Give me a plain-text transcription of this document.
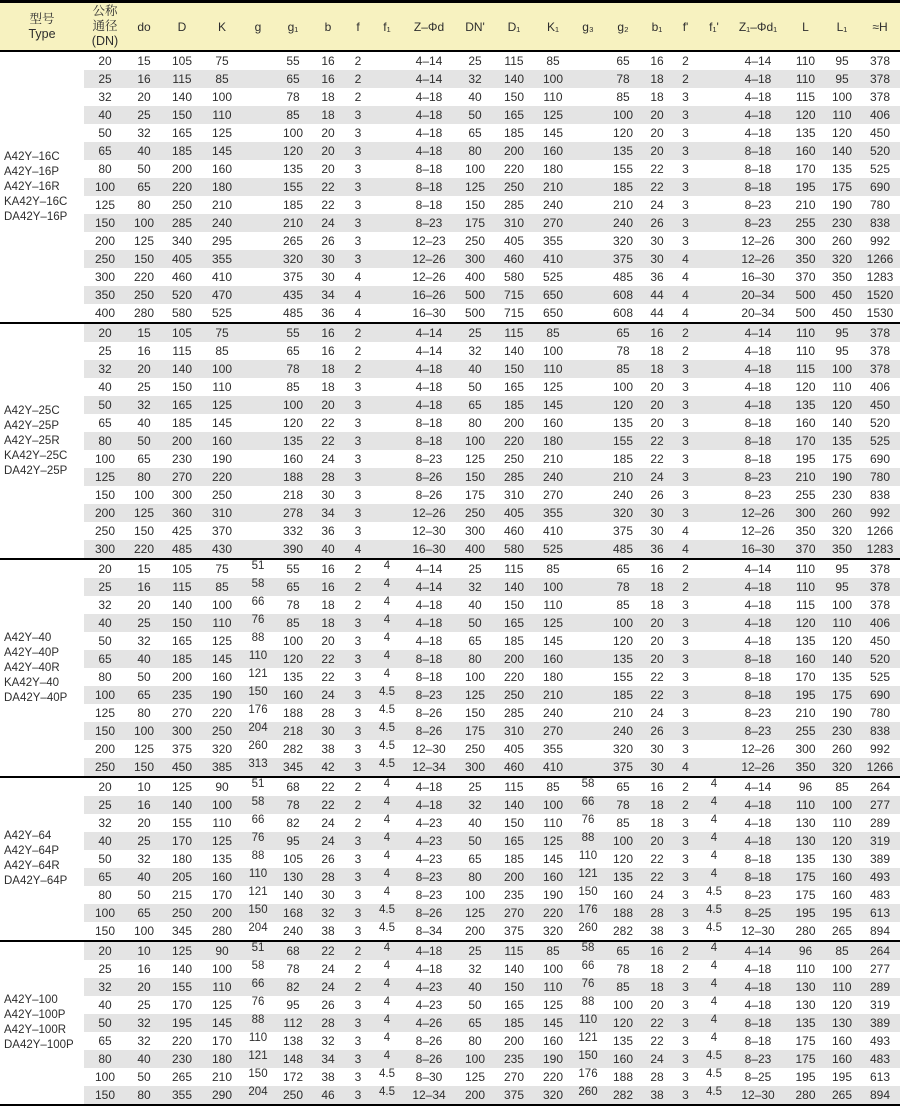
型号
Type

公称
通径
(DN)
	do	D	K	g	g₁	b	f	f₁	Z–Φd	DN'	D₁	K₁	g₃	g₂	b₁	f'	f₁'	Z₁–Φd₁	L	L₁	≈H

A42Y–16C
A42Y–16P
A42Y–16R
KA42Y–16C
DA42Y–16P	20	15	105	75		55	16	2		4–14	25	115	85		65	16	2		4–14	110	95	378
	25	16	115	85		65	16	2		4–14	32	140	100		78	18	2		4–18	110	95	378
	32	20	140	100		78	18	2		4–18	40	150	110		85	18	3		4–18	115	100	378
	40	25	150	110		85	18	3		4–18	50	165	125		100	20	3		4–18	120	110	406
	50	32	165	125		100	20	3		4–18	65	185	145		120	20	3		4–18	135	120	450
	65	40	185	145		120	20	3		4–18	80	200	160		135	20	3		8–18	160	140	520
	80	50	200	160		135	20	3		8–18	100	220	180		155	22	3		8–18	170	135	525
	100	65	220	180		155	22	3		8–18	125	250	210		185	22	3		8–18	195	175	690
	125	80	250	210		185	22	3		8–18	150	285	240		210	24	3		8–23	210	190	780
	150	100	285	240		210	24	3		8–23	175	310	270		240	26	3		8–23	255	230	838
	200	125	340	295		265	26	3		12–23	250	405	355		320	30	3		12–26	300	260	992
	250	150	405	355		320	30	3		12–26	300	460	410		375	30	4		12–26	350	320	1266
	300	220	460	410		375	30	4		12–26	400	580	525		485	36	4		16–30	370	350	1283
	350	250	520	470		435	34	4		16–26	500	715	650		608	44	4		20–34	500	450	1520
	400	280	580	525		485	36	4		16–30	500	715	650		608	44	4		20–34	500	450	1530

A42Y–25C
A42Y–25P
A42Y–25R
KA42Y–25C
DA42Y–25P	20	15	105	75		55	16	2		4–14	25	115	85		65	16	2		4–14	110	95	378
	25	16	115	85		65	16	2		4–14	32	140	100		78	18	2		4–18	110	95	378
	32	20	140	100		78	18	2		4–18	40	150	110		85	18	3		4–18	115	100	378
	40	25	150	110		85	18	3		4–18	50	165	125		100	20	3		4–18	120	110	406
	50	32	165	125		100	20	3		4–18	65	185	145		120	20	3		4–18	135	120	450
	65	40	185	145		120	22	3		8–18	80	200	160		135	20	3		8–18	160	140	520
	80	50	200	160		135	22	3		8–18	100	220	180		155	22	3		8–18	170	135	525
	100	65	230	190		160	24	3		8–23	125	250	210		185	22	3		8–18	195	175	690
	125	80	270	220		188	28	3		8–26	150	285	240		210	24	3		8–23	210	190	780
	150	100	300	250		218	30	3		8–26	175	310	270		240	26	3		8–23	255	230	838
	200	125	360	310		278	34	3		12–26	250	405	355		320	30	3		12–26	300	260	992
	250	150	425	370		332	36	3		12–30	300	460	410		375	30	4		12–26	350	320	1266
	300	220	485	430		390	40	4		16–30	400	580	525		485	36	4		16–30	370	350	1283

A42Y–40
A42Y–40P
A42Y–40R
KA42Y–40
DA42Y–40P	20	15	105	75	51	55	16	2	4	4–14	25	115	85		65	16	2		4–14	110	95	378
	25	16	115	85	58	65	16	2	4	4–14	32	140	100		78	18	2		4–18	110	95	378
	32	20	140	100	66	78	18	2	4	4–18	40	150	110		85	18	3		4–18	115	100	378
	40	25	150	110	76	85	18	3	4	4–18	50	165	125		100	20	3		4–18	120	110	406
	50	32	165	125	88	100	20	3	4	4–18	65	185	145		120	20	3		4–18	135	120	450
	65	40	185	145	110	120	22	3	4	8–18	80	200	160		135	20	3		8–18	160	140	520
	80	50	200	160	121	135	22	3	4	8–18	100	220	180		155	22	3		8–18	170	135	525
	100	65	235	190	150	160	24	3	4.5	8–23	125	250	210		185	22	3		8–18	195	175	690
	125	80	270	220	176	188	28	3	4.5	8–26	150	285	240		210	24	3		8–23	210	190	780
	150	100	300	250	204	218	30	3	4.5	8–26	175	310	270		240	26	3		8–23	255	230	838
	200	125	375	320	260	282	38	3	4.5	12–30	250	405	355		320	30	3		12–26	300	260	992
	250	150	450	385	313	345	42	3	4.5	12–34	300	460	410		375	30	4		12–26	350	320	1266

A42Y–64
A42Y–64P
A42Y–64R
DA42Y–64P	20	10	125	90	51	68	22	2	4	4–18	25	115	85	58	65	16	2	4	4–14	96	85	264
	25	16	140	100	58	78	22	2	4	4–18	32	140	100	66	78	18	2	4	4–18	110	100	277
	32	20	155	110	66	82	24	2	4	4–23	40	150	110	76	85	18	3	4	4–18	130	110	289
	40	25	170	125	76	95	24	3	4	4–23	50	165	125	88	100	20	3	4	4–18	130	120	319
	50	32	180	135	88	105	26	3	4	4–23	65	185	145	110	120	22	3	4	8–18	135	130	389
	65	40	205	160	110	130	28	3	4	8–23	80	200	160	121	135	22	3	4	8–18	175	160	493
	80	50	215	170	121	140	30	3	4	8–23	100	235	190	150	160	24	3	4.5	8–23	175	160	483
	100	65	250	200	150	168	32	3	4.5	8–26	125	270	220	176	188	28	3	4.5	8–25	195	195	613
	150	100	345	280	204	240	38	3	4.5	8–34	200	375	320	260	282	38	3	4.5	12–30	280	265	894

A42Y–100
A42Y–100P
A42Y–100R
DA42Y–100P	20	10	125	90	51	68	22	2	4	4–18	25	115	85	58	65	16	2	4	4–14	96	85	264
	25	16	140	100	58	78	24	2	4	4–18	32	140	100	66	78	18	2	4	4–18	110	100	277
	32	20	155	110	66	82	24	2	4	4–23	40	150	110	76	85	18	3	4	4–18	130	110	289
	40	25	170	125	76	95	26	3	4	4–23	50	165	125	88	100	20	3	4	4–18	130	120	319
	50	32	195	145	88	112	28	3	4	4–26	65	185	145	110	120	22	3	4	8–18	135	130	389
	65	32	220	170	110	138	32	3	4	8–26	80	200	160	121	135	22	3	4	8–18	175	160	493
	80	40	230	180	121	148	34	3	4	8–26	100	235	190	150	160	24	3	4.5	8–23	175	160	483
	100	50	265	210	150	172	38	3	4.5	8–30	125	270	220	176	188	28	3	4.5	8–25	195	195	613
	150	80	355	290	204	250	46	3	4.5	12–34	200	375	320	260	282	38	3	4.5	12–30	280	265	894
